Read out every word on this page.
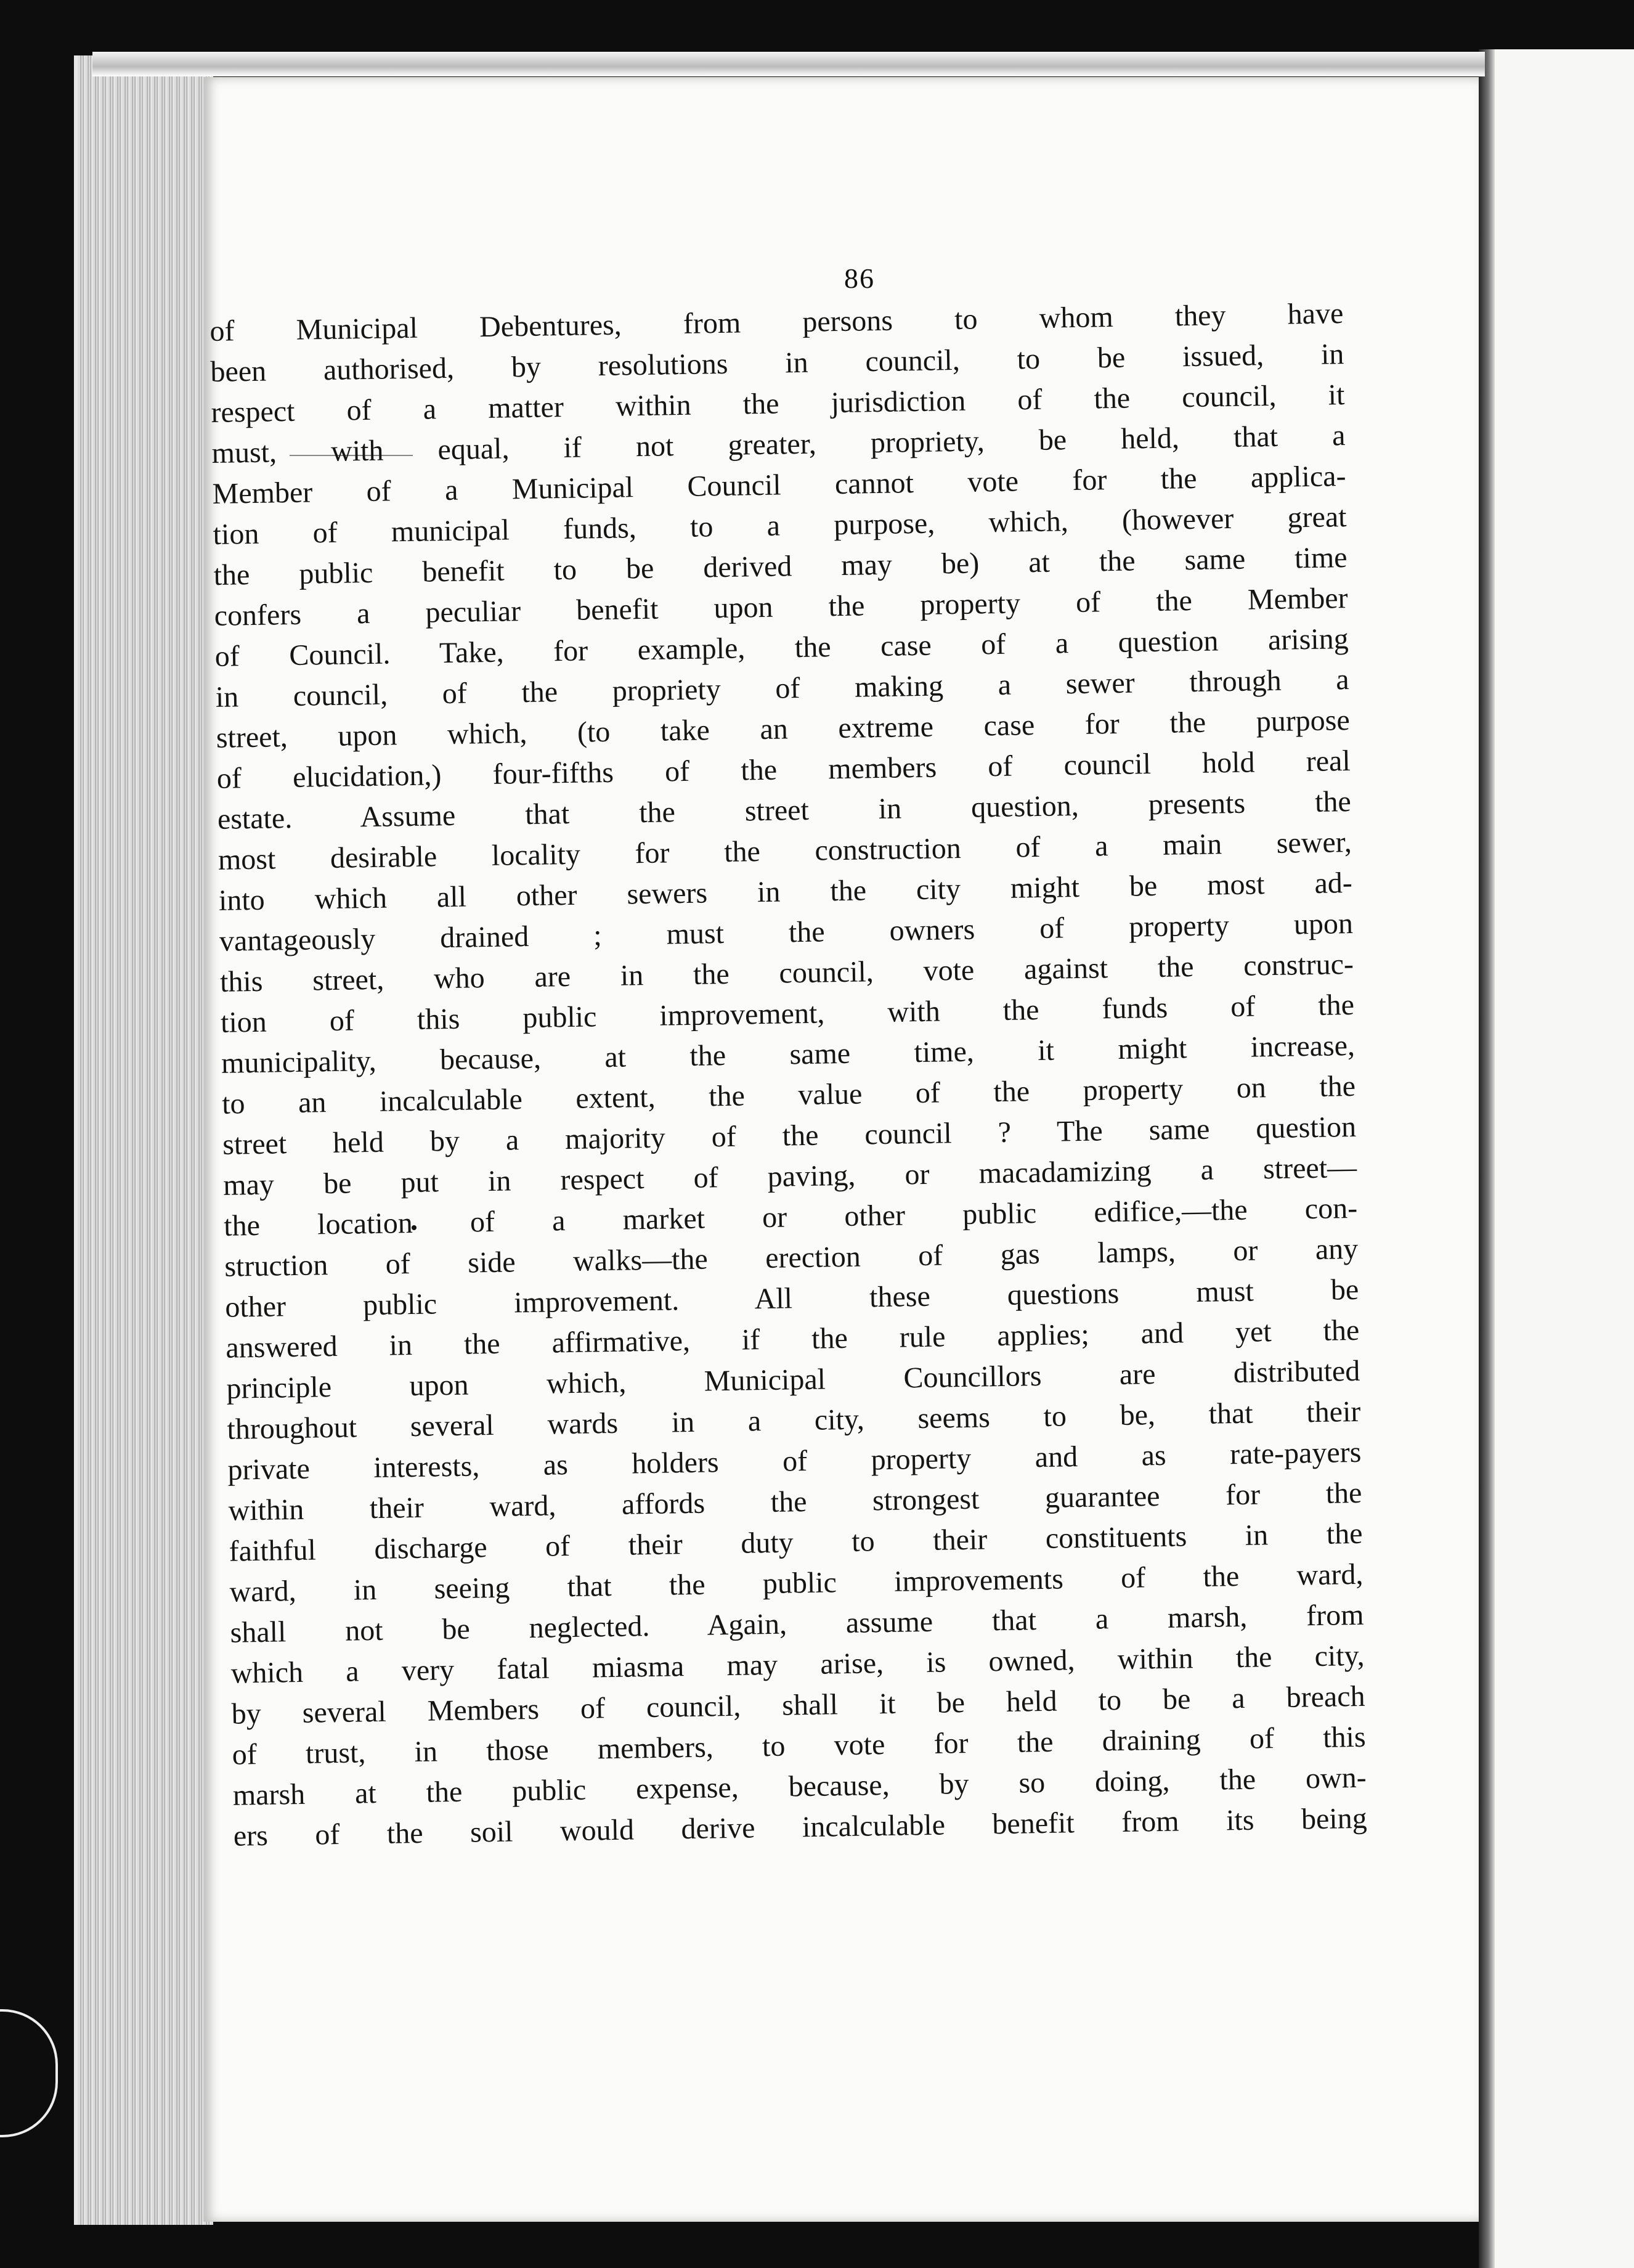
86
of Municipal Debentures, from persons to whom they have
been authorised, by resolutions in council, to be issued, in
respect of a matter within the jurisdiction of the council, it
must, with equal, if not greater, propriety, be held, that a
Member of a Municipal Council cannot vote for the applica-
tion of municipal funds, to a purpose, which, (however great
the public benefit to be derived may be) at the same time
confers a peculiar benefit upon the property of the Member
of Council. Take, for example, the case of a question arising
in council, of the propriety of making a sewer through a
street, upon which, (to take an extreme case for the purpose
of elucidation,) four-fifths of the members of council hold real
estate. Assume that the street in question, presents the
most desirable locality for the construction of a main sewer,
into which all other sewers in the city might be most ad-
vantageously drained ; must the owners of property upon
this street, who are in the council, vote against the construc-
tion of this public improvement, with the funds of the
municipality, because, at the same time, it might increase,
to an incalculable extent, the value of the property on the
street held by a majority of the council ? The same question
may be put in respect of paving, or macadamizing a street—
the location of a market or other public edifice,—the con-
struction of side walks—the erection of gas lamps, or any
other public improvement. All these questions must be
answered in the affirmative, if the rule applies; and yet the
principle upon which, Municipal Councillors are distributed
throughout several wards in a city, seems to be, that their
private interests, as holders of property and as rate-payers
within their ward, affords the strongest guarantee for the
faithful discharge of their duty to their constituents in the
ward, in seeing that the public improvements of the ward,
shall not be neglected. Again, assume that a marsh, from
which a very fatal miasma may arise, is owned, within the city,
by several Members of council, shall it be held to be a breach
of trust, in those members, to vote for the draining of this
marsh at the public expense, because, by so doing, the own-
ers of the soil would derive incalculable benefit from its being
